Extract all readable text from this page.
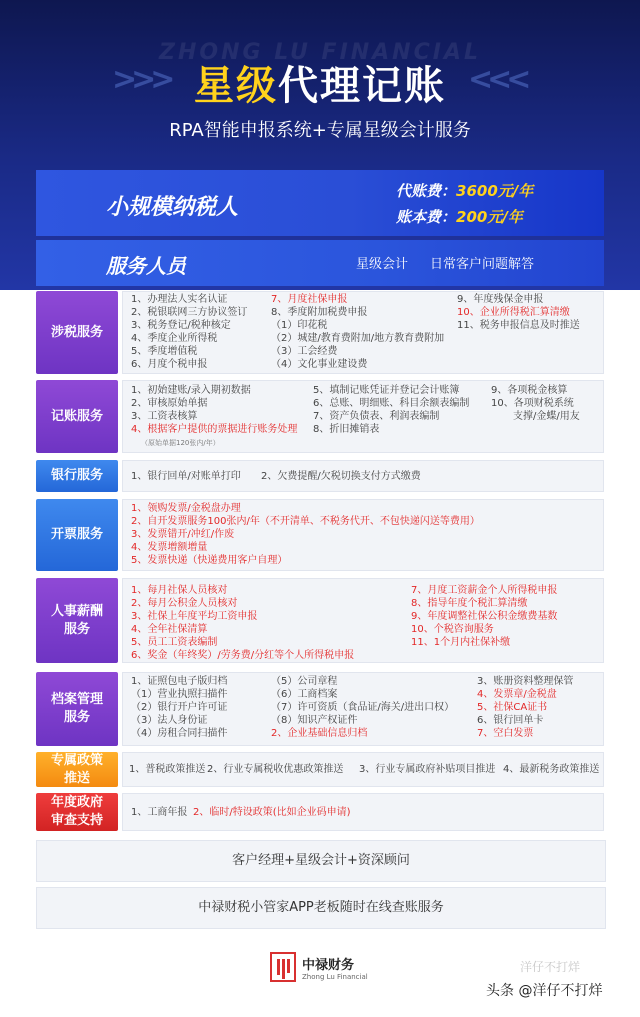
ZHONG LU FINANCIAL
>>>	<<<
星级代理记账
RPA智能申报系统+专属星级会计服务
小规模纳税人
代账费：3600元/年
账本费：200元/年
服务人员	星级会计 日常客户问题解答
涉税服务
1、办理法人实名认证
2、税银联网三方协议签订
3、税务登记/税种核定
4、季度企业所得税
5、季度增值税
6、月度个税申报
7、月度社保申报
8、季度附加税费申报
（1）印花税
（2）城建/教育费附加/地方教育费附加
（3）工会经费
（4）文化事业建设费
9、年度残保金申报
10、企业所得税汇算清缴
11、税务申报信息及时推送
记账服务
1、初始建账/录入期初数据
2、审核原始单据
3、工资表核算
4、根据客户提供的票据进行账务处理
（原始单据120张内/年）
5、填制记账凭证并登记会计账簿
6、总账、明细账、科目余额表编制
7、资产负债表、利润表编制
8、折旧摊销表
9、各项税金核算
10、各项财税系统
支撑/金蝶/用友
银行服务	1、银行回单/对账单打印 2、欠费提醒/欠税切换支付方式缴费
开票服务
1、领购发票/金税盘办理
2、自开发票服务100张内/年（不开清单、不税务代开、不包快递闪送等费用）
3、发票错开/冲红/作废
4、发票增额增量
5、发票快递（快递费用客户自理）
人事薪酬
服务
1、每月社保人员核对
2、每月公积金人员核对
3、社保上年度平均工资申报
4、全年社保清算
5、员工工资表编制
6、奖金（年终奖）/劳务费/分红等个人所得税申报
7、月度工资薪金个人所得税申报
8、指导年度个税汇算清缴
9、年度调整社保公积金缴费基数
10、个税咨询服务
11、1个月内社保补缴
档案管理
服务
1、证照包电子版归档
（1）营业执照扫描件
（2）银行开户许可证
（3）法人身份证
（4）房租合同扫描件
（5）公司章程
（6）工商档案
（7）许可资质（食品证/海关/进出口权）
（8）知识产权证件
2、企业基础信息归档
3、账册资料整理保管
4、发票章/金税盘
5、社保CA证书
6、银行回单卡
7、空白发票
专属政策
推送
1、普税政策推送 2、行业专属税收优惠政策推送 3、行业专属政府补贴项目推进 4、最新税务政策推送
年度政府
审查支持
1、工商年报 2、临时/特设政策(比如企业码申请)
客户经理+星级会计+资深顾问
中禄财税小管家APP老板随时在线查账服务
中禄财务
Zhong Lu Financial
洋仔不打烊
头条 @洋仔不打烊
